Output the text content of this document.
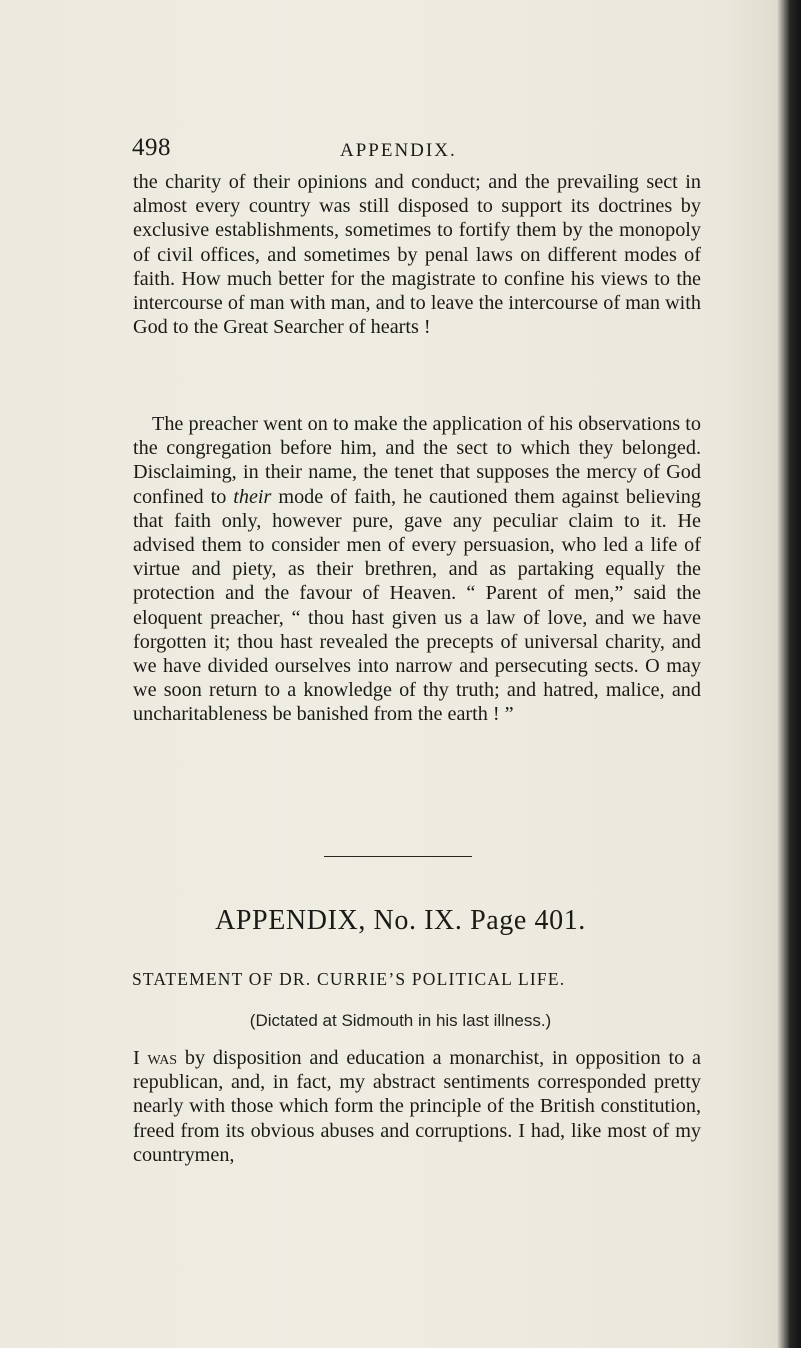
498	APPENDIX.
the charity of their opinions and conduct; and the prevailing sect in almost every country was still disposed to support its doctrines by exclusive establishments, sometimes to fortify them by the monopoly of civil offices, and sometimes by penal laws on different modes of faith. How much better for the magistrate to confine his views to the intercourse of man with man, and to leave the intercourse of man with God to the Great Searcher of hearts !
The preacher went on to make the application of his observations to the congregation before him, and the sect to which they belonged. Disclaiming, in their name, the tenet that supposes the mercy of God confined to their mode of faith, he cautioned them against believing that faith only, however pure, gave any peculiar claim to it. He advised them to consider men of every persuasion, who led a life of virtue and piety, as their brethren, and as partaking equally the protection and the favour of Heaven. “ Parent of men,” said the eloquent preacher, “ thou hast given us a law of love, and we have forgotten it; thou hast revealed the precepts of universal charity, and we have divided ourselves into narrow and persecuting sects. O may we soon return to a knowledge of thy truth; and hatred, malice, and uncharitableness be banished from the earth ! ”
APPENDIX, No. IX. Page 401.
STATEMENT OF DR. CURRIE’S POLITICAL LIFE.
(Dictated at Sidmouth in his last illness.)
I was by disposition and education a monarchist, in opposition to a republican, and, in fact, my abstract sentiments corresponded pretty nearly with those which form the principle of the British constitution, freed from its obvious abuses and corruptions. I had, like most of my countrymen,
